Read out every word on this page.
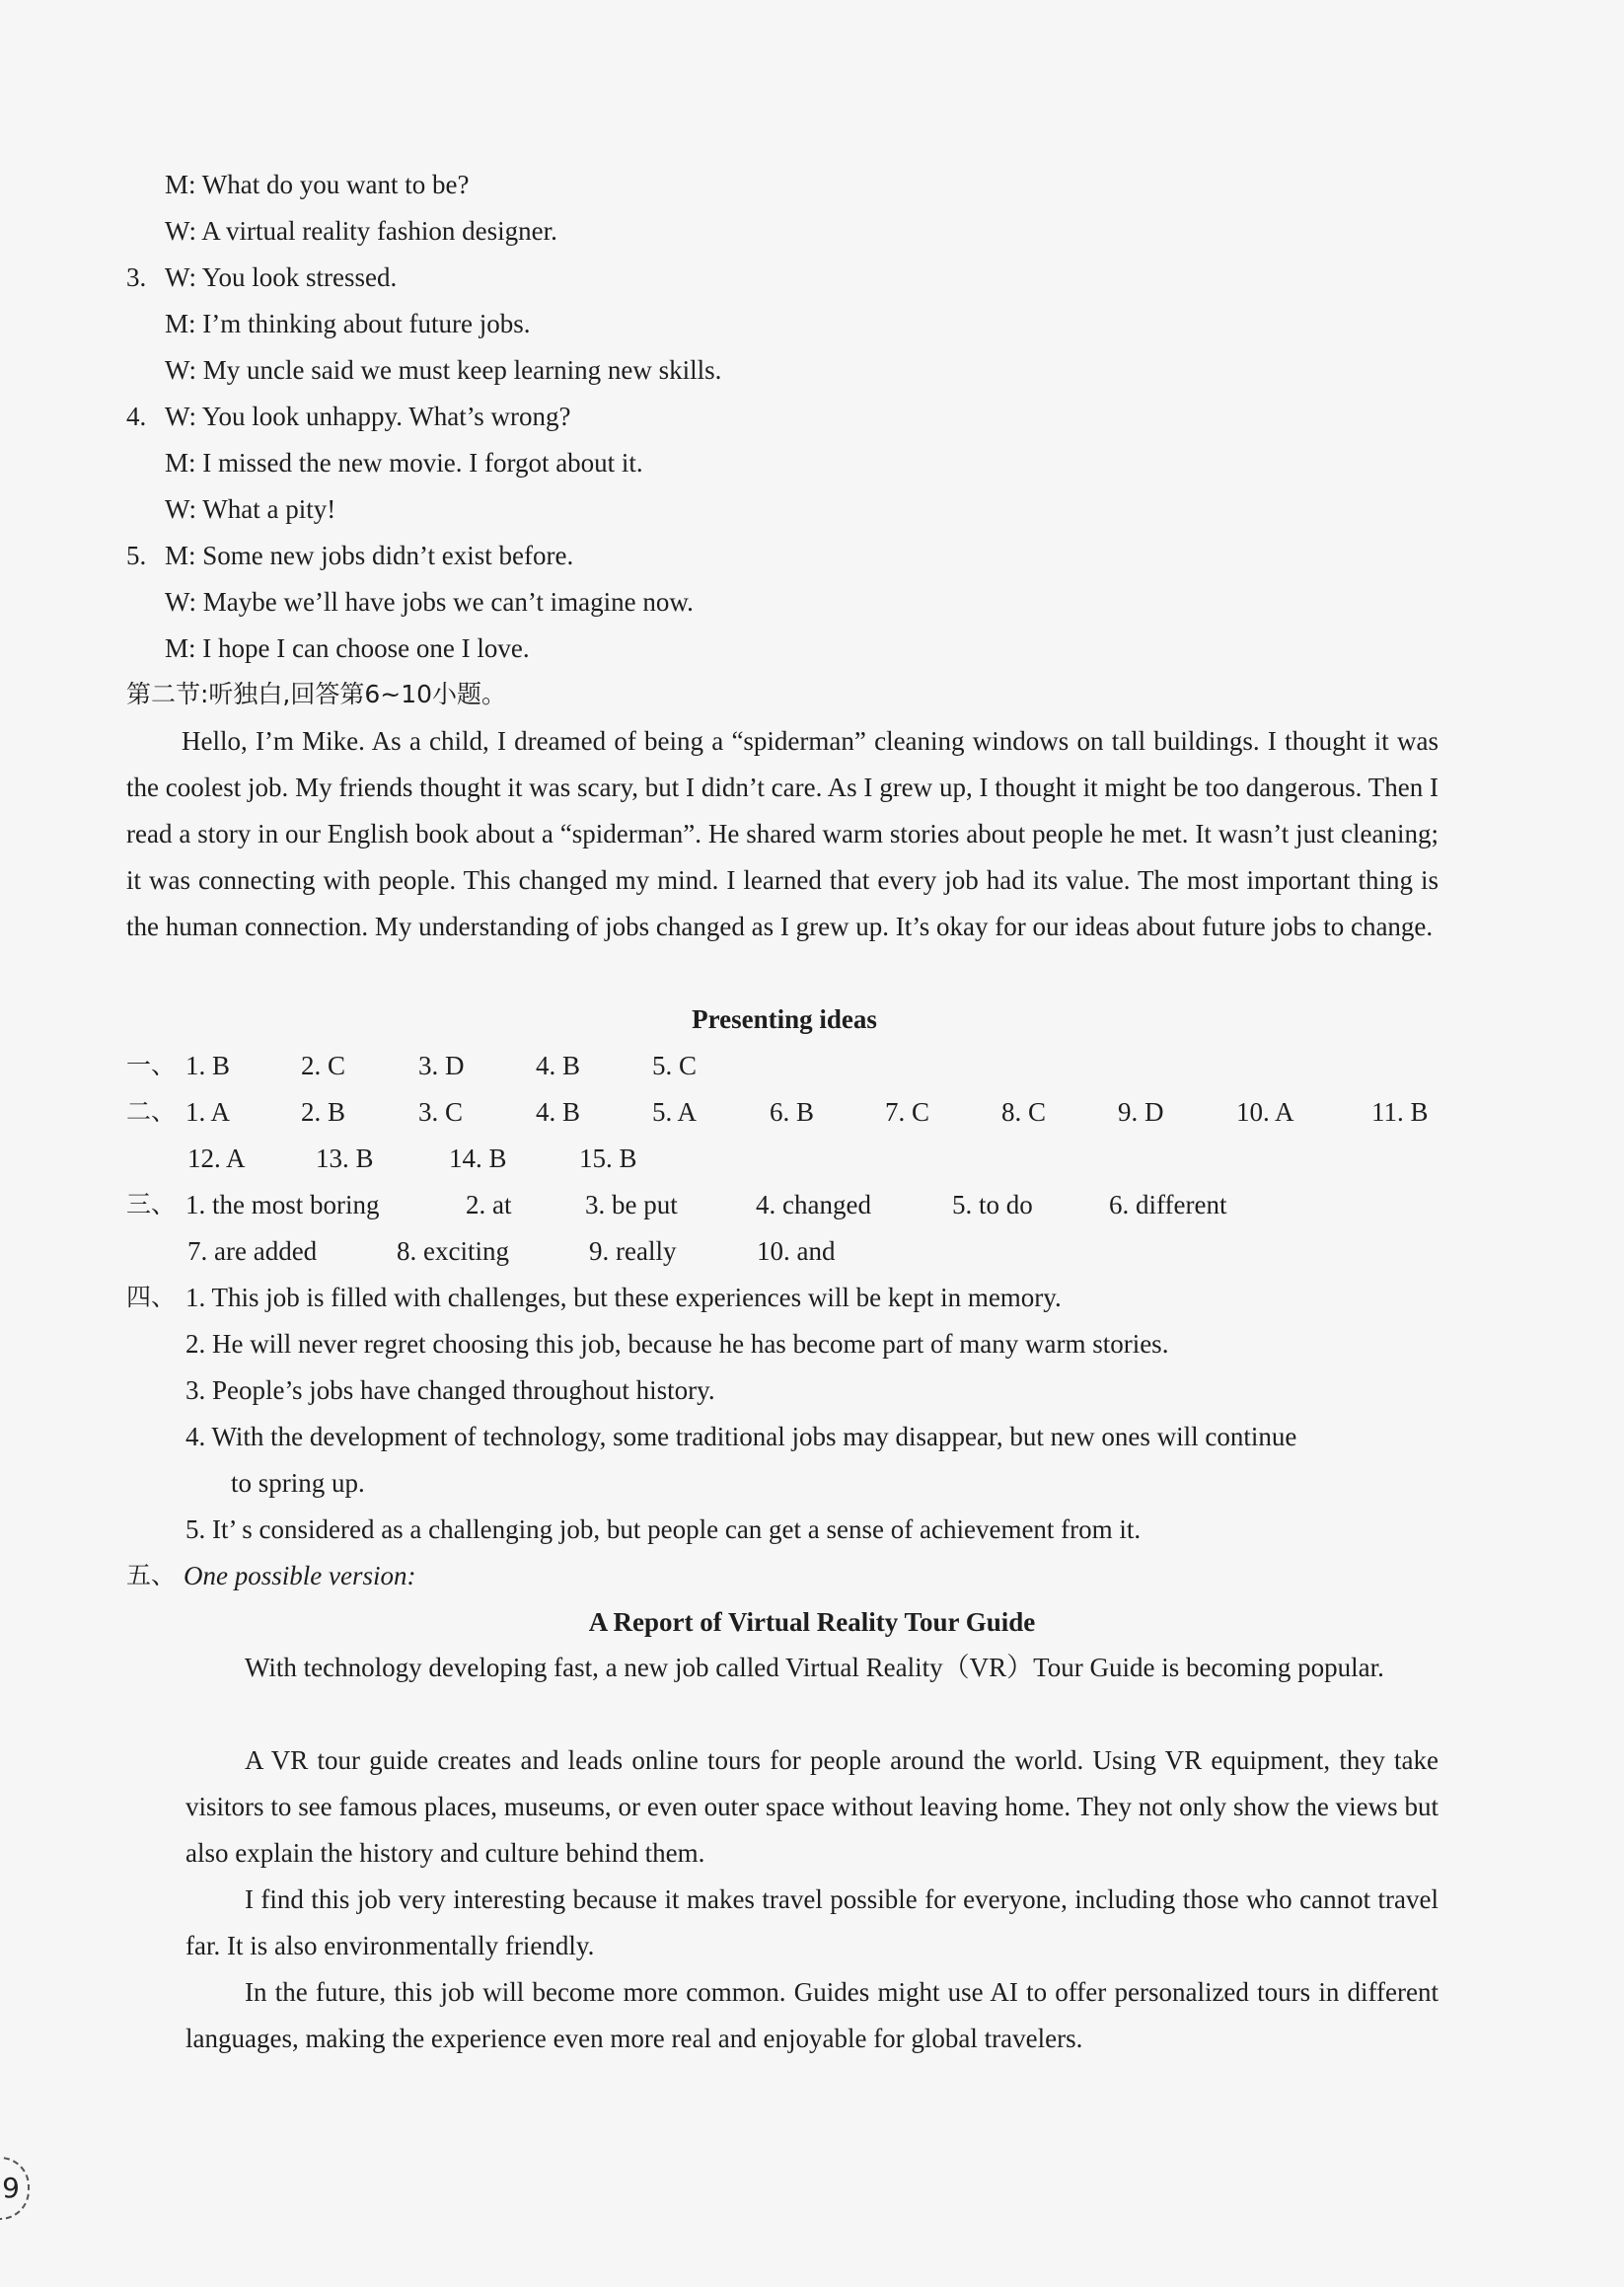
M: What do you want to be?
W: A virtual reality fashion designer.
3. W: You look stressed.
M: I’m thinking about future jobs.
W: My uncle said we must keep learning new skills.
4. W: You look unhappy. What’s wrong?
M: I missed the new movie. I forgot about it.
W: What a pity!
5. M: Some new jobs didn’t exist before.
W: Maybe we’ll have jobs we can’t imagine now.
M: I hope I can choose one I love.
第二节:听独白,回答第6~10小题。
Hello, I’m Mike. As a child, I dreamed of being a “spiderman” cleaning windows on tall buildings. I thought it was the coolest job. My friends thought it was scary, but I didn’t care. As I grew up, I thought it might be too dangerous. Then I read a story in our English book about a “spiderman”. He shared warm stories about people he met. It wasn’t just cleaning; it was connecting with people. This changed my mind. I learned that every job had its value. The most important thing is the human connection. My understanding of jobs changed as I grew up. It’s okay for our ideas about future jobs to change.
Presenting ideas
一、 1. B	2. C	3. D	4. B	5. C
二、 1. A	2. B	3. C	4. B	5. A	6. B	7. C	8. C	9. D	10. A	11. B
12. A	13. B	14. B	15. B
三、 1. the most boring	2. at	3. be put	4. changed	5. to do	6. different
7. are added	8. exciting	9. really	10. and
四、 1. This job is filled with challenges, but these experiences will be kept in memory.
2. He will never regret choosing this job, because he has become part of many warm stories.
3. People’s jobs have changed throughout history.
4. With the development of technology, some traditional jobs may disappear, but new ones will continue
to spring up.
5. It’ s considered as a challenging job, but people can get a sense of achievement from it.
五、 One possible version:
A Report of Virtual Reality Tour Guide
With technology developing fast, a new job called Virtual Reality（VR）Tour Guide is becoming popular.
A VR tour guide creates and leads online tours for people around the world. Using VR equipment, they take visitors to see famous places, museums, or even outer space without leaving home. They not only show the views but also explain the history and culture behind them.
I find this job very interesting because it makes travel possible for everyone, including those who cannot travel far. It is also environmentally friendly.
In the future, this job will become more common. Guides might use AI to offer personalized tours in different languages, making the experience even more real and enjoyable for global travelers.
9
